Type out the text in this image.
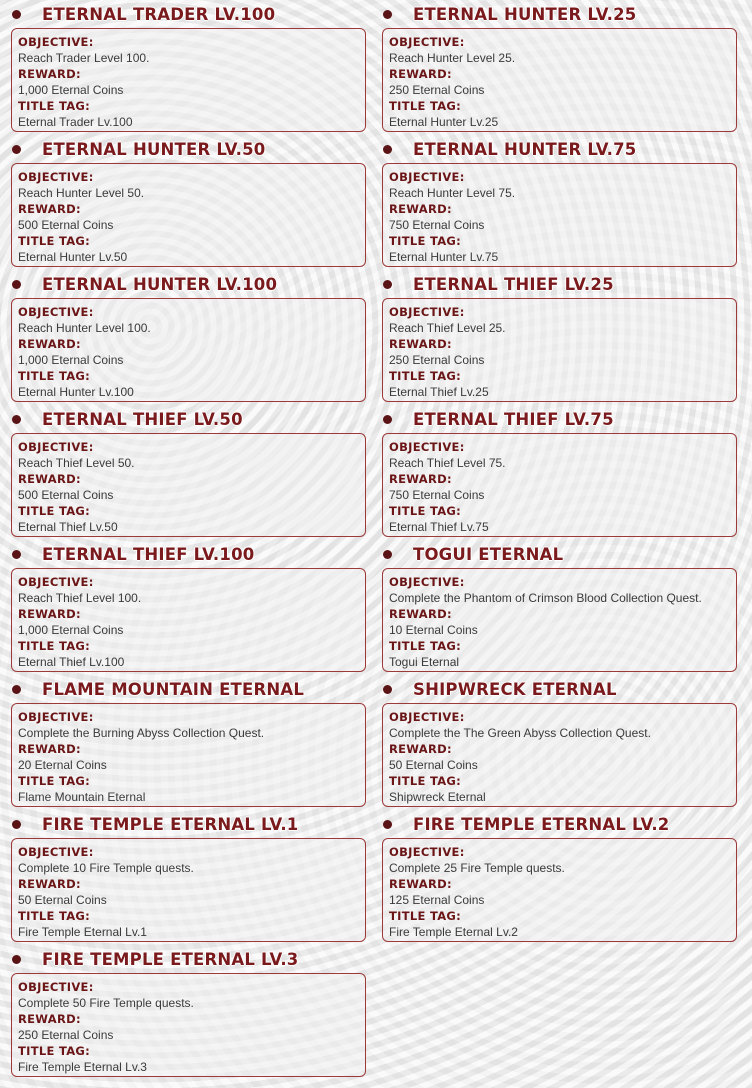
ETERNAL TRADER LV.100
OBJECTIVE:
Reach Trader Level 100.
REWARD:
1,000 Eternal Coins
TITLE TAG:
Eternal Trader Lv.100
ETERNAL HUNTER LV.25
OBJECTIVE:
Reach Hunter Level 25.
REWARD:
250 Eternal Coins
TITLE TAG:
Eternal Hunter Lv.25
ETERNAL HUNTER LV.50
OBJECTIVE:
Reach Hunter Level 50.
REWARD:
500 Eternal Coins
TITLE TAG:
Eternal Hunter Lv.50
ETERNAL HUNTER LV.75
OBJECTIVE:
Reach Hunter Level 75.
REWARD:
750 Eternal Coins
TITLE TAG:
Eternal Hunter Lv.75
ETERNAL HUNTER LV.100
OBJECTIVE:
Reach Hunter Level 100.
REWARD:
1,000 Eternal Coins
TITLE TAG:
Eternal Hunter Lv.100
ETERNAL THIEF LV.25
OBJECTIVE:
Reach Thief Level 25.
REWARD:
250 Eternal Coins
TITLE TAG:
Eternal Thief Lv.25
ETERNAL THIEF LV.50
OBJECTIVE:
Reach Thief Level 50.
REWARD:
500 Eternal Coins
TITLE TAG:
Eternal Thief Lv.50
ETERNAL THIEF LV.75
OBJECTIVE:
Reach Thief Level 75.
REWARD:
750 Eternal Coins
TITLE TAG:
Eternal Thief Lv.75
ETERNAL THIEF LV.100
OBJECTIVE:
Reach Thief Level 100.
REWARD:
1,000 Eternal Coins
TITLE TAG:
Eternal Thief Lv.100
TOGUI ETERNAL
OBJECTIVE:
Complete the Phantom of Crimson Blood Collection Quest.
REWARD:
10 Eternal Coins
TITLE TAG:
Togui Eternal
FLAME MOUNTAIN ETERNAL
OBJECTIVE:
Complete the Burning Abyss Collection Quest.
REWARD:
20 Eternal Coins
TITLE TAG:
Flame Mountain Eternal
SHIPWRECK ETERNAL
OBJECTIVE:
Complete the The Green Abyss Collection Quest.
REWARD:
50 Eternal Coins
TITLE TAG:
Shipwreck Eternal
FIRE TEMPLE ETERNAL LV.1
OBJECTIVE:
Complete 10 Fire Temple quests.
REWARD:
50 Eternal Coins
TITLE TAG:
Fire Temple Eternal Lv.1
FIRE TEMPLE ETERNAL LV.2
OBJECTIVE:
Complete 25 Fire Temple quests.
REWARD:
125 Eternal Coins
TITLE TAG:
Fire Temple Eternal Lv.2
FIRE TEMPLE ETERNAL LV.3
OBJECTIVE:
Complete 50 Fire Temple quests.
REWARD:
250 Eternal Coins
TITLE TAG:
Fire Temple Eternal Lv.3
